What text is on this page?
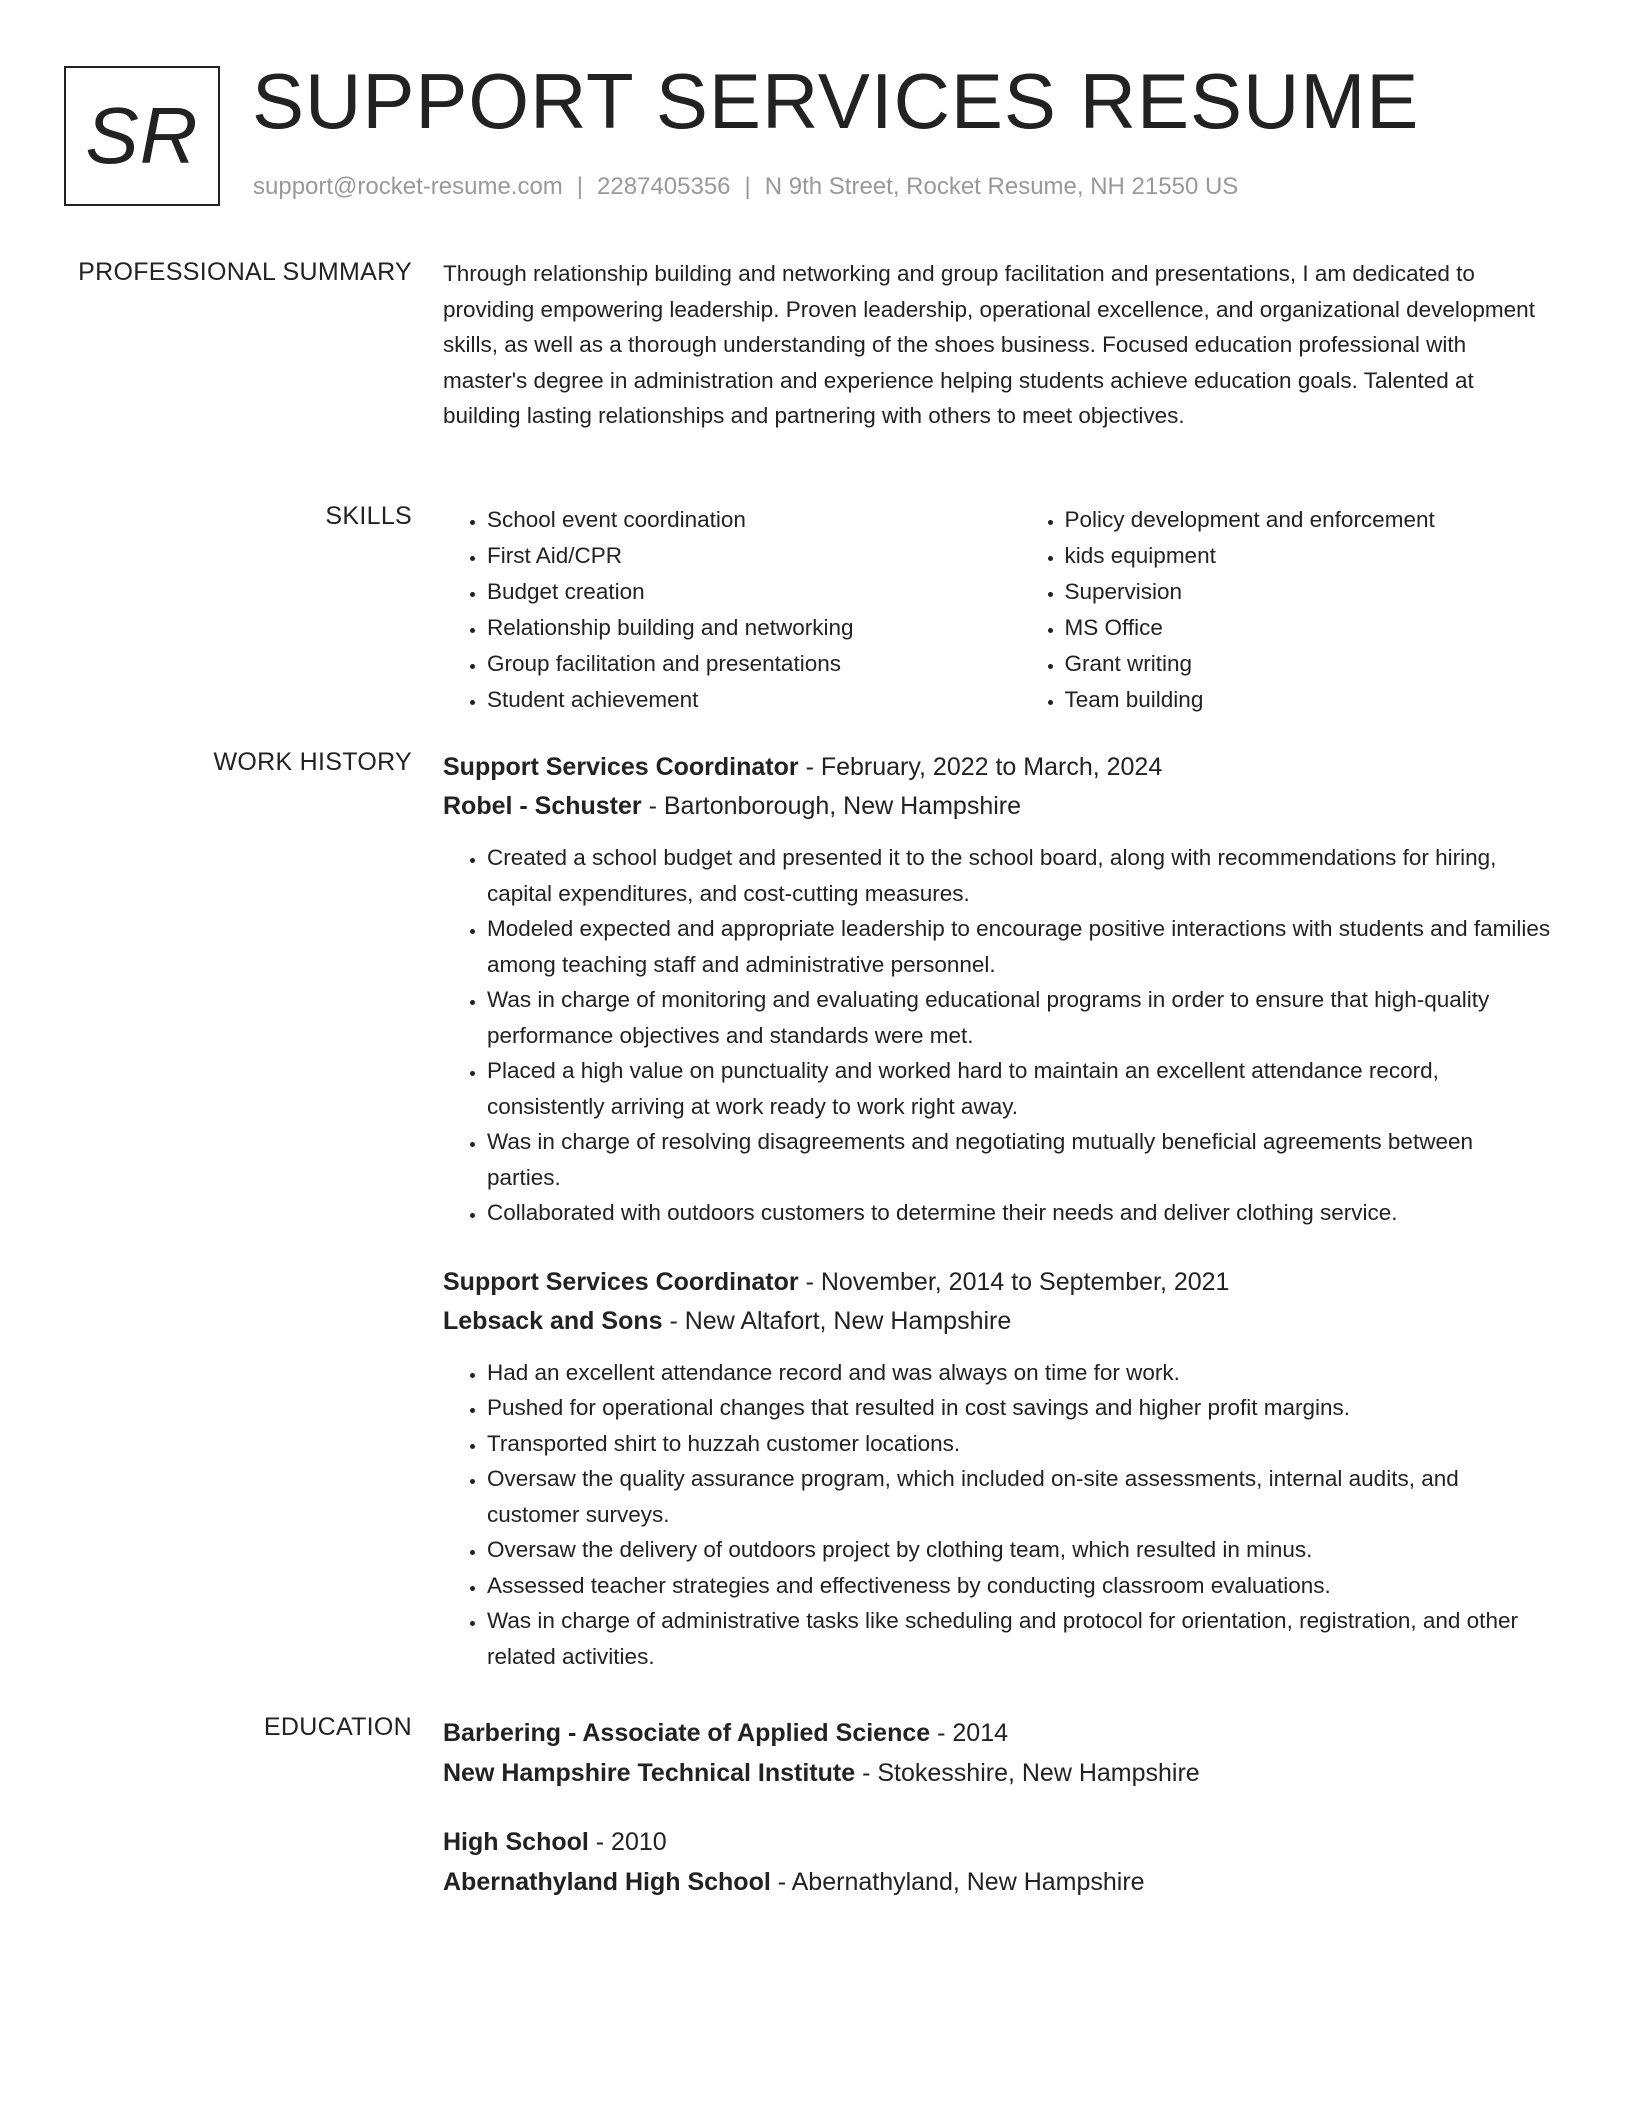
SR SUPPORT SERVICES RESUME
support@rocket-resume.com | 2287405356 | N 9th Street, Rocket Resume, NH 21550 US
PROFESSIONAL SUMMARY Through relationship building and networking and group facilitation and presentations, I am dedicated to providing empowering leadership. Proven leadership, operational excellence, and organizational development skills, as well as a thorough understanding of the shoes business. Focused education professional with master's degree in administration and experience helping students achieve education goals. Talented at building lasting relationships and partnering with others to meet objectives.

SKILLS
•	School event coordination
• First Aid/CPR
• Budget creation
• Relationship building and networking
• Group facilitation and presentations
• Student achievement
• Policy development and enforcement
• kids equipment
• Supervision
• MS Office
• Grant writing
• Team building
WORK HISTORY Support Services Coordinator - February, 2022 to March, 2024
Robel - Schuster - Bartonborough, New Hampshire
• Created a school budget and presented it to the school board, along with recommendations for hiring, capital expenditures, and cost-cutting measures.
• Modeled expected and appropriate leadership to encourage positive interactions with students and families among teaching staff and administrative personnel.
• Was in charge of monitoring and evaluating educational programs in order to ensure that high-quality performance objectives and standards were met.
• Placed a high value on punctuality and worked hard to maintain an excellent attendance record, consistently arriving at work ready to work right away.
• Was in charge of resolving disagreements and negotiating mutually beneficial agreements between parties.
• Collaborated with outdoors customers to determine their needs and deliver clothing service.
Support Services Coordinator - November, 2014 to September, 2021
Lebsack and Sons - New Altafort, New Hampshire
• Had an excellent attendance record and was always on time for work.
• Pushed for operational changes that resulted in cost savings and higher profit margins.
• Transported shirt to huzzah customer locations.
• Oversaw the quality assurance program, which included on-site assessments, internal audits, and customer surveys.
• Oversaw the delivery of outdoors project by clothing team, which resulted in minus.
• Assessed teacher strategies and effectiveness by conducting classroom evaluations.
• Was in charge of administrative tasks like scheduling and protocol for orientation, registration, and other related activities.
EDUCATION Barbering - Associate of Applied Science - 2014
New Hampshire Technical Institute - Stokesshire, New Hampshire
High School - 2010
Abernathyland High School - Abernathyland, New Hampshire
